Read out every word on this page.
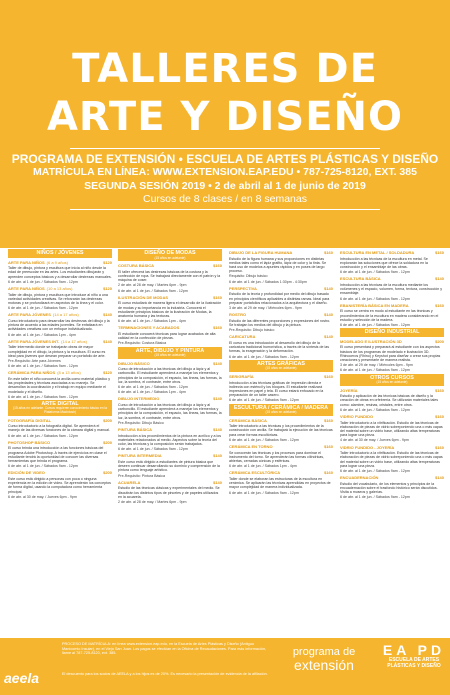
TALLERES DE
ARTE Y DISEÑO
PROGRAMA DE EXTENSIÓN • ESCUELA DE ARTES PLÁSTICAS Y DISEÑO
MATRÍCULA EN LÍNEA: WWW.EXTENSION.EAP.EDU • 787-725-8120, EXT. 385
SEGUNDA SESIÓN 2019 • 2 de abril al 1 de junio de 2019
Cursos de 8 clases / en 8 semanas
NIÑOS / JÓVENES
ARTE PARA NIÑOS (6 a 9 años)	$120
Taller de dibujo, pintura y escultura que inicia al niño desde la edad de preescolar en las artes. Los estudiantes dibujarán y aprenden conceptos básicos y a desarrollar destrezas manuales.
6 de abr. al 1 de jun. / Sábados 9am - 12pm
ARTE PARA NIÑOS (10 a 13 años)	$120
Taller de dibujo, pintura y escultura que introduce al niño a una variedad actividades creativas. Se reforzarán las destrezas motoras y se profundizará en aspectos de la línea y el color.
6 de abr. al 1 de jun. / Sábados 9am - 12pm
ARTE PARA JÓVENES (14 a 17 años)	$140
Curso introductorio para desarrollar las destrezas del dibujo y la pintura de acuerdo a las edades juveniles. Se enfatizará en actividades creativas con un enfoque individualizado.
6 de abr. al 1 de jun. / Sábados 1pm - 4pm
ARTE PARA JÓVENES INT. (14 a 17 años)	$140
Taller intermedio donde se trabajarán obras de mayor complejidad en el dibujo, la pintura y la escultura. El curso es ideal para jóvenes que desean preparar un portafolio de arte.
Pre-Requisito: Arte para Jóvenes
6 de abr. al 1 de jun. / Sábados 9am - 12pm
CERÁMICA PARA NIÑOS (8 a 13 años)	$120
En este taller el niño conocerá la arcilla como material plástico y las propiedades y técnicas asociadas a su manejo. Se desarrollan la coordinación y el trabajo en equipo mediante el modelado y el diseño.
6 de abr. al 1 de jun. / Sábados 9am - 12pm
ARTE DIGITAL
(15 años en adelante. Cursos requieren conocimiento básico en la Plataforma Macintosh)
FOTOGRAFÍA DIGITAL	$200
Curso introductorio a la fotografía digital. Se aprenderá el manejo de las diversas funciones de la cámara digital y manual.
6 de abr. al 1 de jun. / Sábados 9am - 12pm
PHOTOSHOP BÁSICO	$200
El curso brinda una introducción a las funciones básicas del programa Adobe Photoshop. A través de ejercicios en clase el estudiante tendrá la oportunidad de conocer las diversas herramientas que brinda el programa.
6 de abr. al 1 de jun. / Sábados 9am - 12pm
EDICIÓN DE VIDEO	$200
Este curso está dirigido a personas con poca o ninguna experiencia en la edición de video. Se aprenderán los conceptos de forma digital, usando la computadora como herramienta principal.
6 de abr. al 30 de may. / Jueves 6pm - 9pm
DISEÑO DE MODAS
(15 años en adelante)
COSTURA BÁSICA	$160
El taller ofrecerá las destrezas básicas de la costura y la confección de ropa. Se trabajará directamente con el patrón y la máquina de coser.
2 de abr. al 28 de may. / Martes 6pm - 9pm
6 de abr. al 1 de jun. / Sábados 9am - 12pm
ILUSTRACIÓN DE MODAS	$160
El curso estudiará de manera ligera el desarrollo de la ilustración de modas y su importancia en la industria. Conocerá el estudiante principios básicos de la ilustración de Modas, la anatomía humana y las texturas.
6 de abr. al 1 de jun. / Sábados 1pm - 4pm
TERMINACIONES Y ACABADOS	$160
El estudiante conocerá técnicas para lograr acabados de alta calidad en la confección de piezas.
Pre-Requisito: Costura Básica
ARTE, DIBUJO Y PINTURA
(15 años en adelante)
DIBUJO BÁSICO	$140
Curso de introducción a las técnicas del dibujo a lápiz y al carboncillo. El estudiante aprenderá a manejar los elementos y principios de la composición, el espacio, las líneas, las formas, la luz, la sombra, el contraste, entre otros.
6 de abr. al 1 de jun. / Sábados 9am - 12pm
6 de abr. al 1 de jun. / Sábados 1pm - 4pm
DIBUJO INTERMEDIO	$140
Curso de introducción a las técnicas del dibujo a lápiz y al carboncillo. El estudiante aprenderá a manejar los elementos y principios de la composición, el espacio, las líneas, las formas, la luz, la sombra, el contraste, entre otros.
Pre-Requisito: Dibujo Básico
PINTURA BÁSICA	$140
Introducción a los procedimientos de la pintura en acrílico y a los materiales relacionados al medio. Aspectos sobre la teoría del color, las técnicas y la composición serán trabajados.
6 de abr. al 1 de jun. / Sábados 9am - 12pm
PINTURA INTERMEDIA	$140
Este curso está dirigido a estudiantes de pintura básica que deseen continuar desarrollando su dominio y comprensión de la pintura como lenguaje artístico.
Pre-Requisito: Pintura Básica
ACUARELA	$140
Estudio de las técnicas clásicas y experimentales del medio. Se discutirán los distintos tipos de pinceles y de papeles utilizados en la acuarela.
2 de abr. al 28 de may. / Martes 6pm - 9pm
DIBUJO DE LA FIGURA HUMANA	$160
Estudio de la figura humana y sus proporciones en distintas medios tales como el lápiz grafito, lápiz de color y la tinta. Se hará uso de modelos a apuntes rápidos y en poses de largo proceso.
Requisito: Dibujo básico
6 de abr. al 1 de jun. / Sábados 1:30pm - 4:30pm
PERSPECTIVA	$140
Estudio de la teoría y profundidad por medio del dibujo basado en principios científicos aplicables a distintas ramas. Ideal para preparar portafolios relacionados a la arquitectura y el diseño.
3 de abr. al 29 de may. / Miércoles 6pm - 9pm
ROSTRO	$140
Estudio de las diferentes proporciones y expresiones del rostro. Se trabajan los medios del dibujo y la pintura.
Pre-Requisito: Dibujo básico
CARICATURA	$140
El curso es una introducción al desarrollo del dibujo de la caricatura tradicional humorística, a través de la síntesis de las formas, la exageración y la deformación.
6 de abr. al 1 de jun. / Sábados 9am - 12pm
ARTES GRÁFICAS
(15 años en adelante)
SERIGRAFÍA	$160
Introducción a las técnicas gráficas de impresión directa e indirecta con esténcil y los bloques. El estudiante realizará impresiones en papel y tela. El curso estará enfocado en la preparación de un taller casero.
6 de abr. al 1 de jun. / Sábados 9am - 12pm
ESCULTURA / CERÁMICA / MADERA
(15 años en adelante)
CERÁMICA BÁSICA	$160
Taller introductorio a las técnicas y los procedimientos de la construcción con arcilla. Se trabajará la ejecución de las técnicas para crear formas escultóricas.
6 de abr. al 1 de jun. / Sábados 9am - 12pm
CERÁMICA EN TORNO	$160
Se conocerán las técnicas y los procesos para dominar el instrumento del torno. Se aprenderán las formas cilíndricas, abiertas, cerradas cónicas y esféricas.
6 de abr. al 1 de jun. / Sábados 1pm - 4pm
CERÁMICA ESCULTÓRICA	$160
Taller donde se elaboran las estructuras de la escultura en cerámica. Se aplicarán las técnicas aprendidas en proyectos de mayor complejidad de manera individualizada.
6 de abr. al 1 de jun. / Sábados 9am - 12pm
ESCULTURA EN METAL / SOLDADURA	$160
Introducción a las técnicas de la escultura en metal. Se explorarán las soluciones que ofrece la soldadura en la construcción y el ensamblaje de las obras.
6 de abr. al 1 de jun. / Sábados 9am - 12pm
ESCULTURA BÁSICA	$140
Introducción a las técnicas de la escultura mediante los volúmenes y el espacio, volumen, forma, textura, construcción y ensamblaje.
6 de abr. al 1 de jun. / Sábados 9am - 12pm
EBANISTERÍA BÁSICA EN MADERA	$160
El curso se centra en modo al estudiante en las técnicas y procedimientos de la escultura en madera considerando en el estudio y selección de la madera.
6 de abr. al 1 de jun. / Sábados 9am - 12pm
DISEÑO INDUSTRIAL
MODELADO E ILUSTRACIÓN 3D	$200
El curso presentará y preparará al estudiante con los aspectos básicos de los programas de modelado e ilustración 3D. Rhinoceros (Rhino) y Keyshot para diseñar o crear sus propias creaciones y presentarle de manera realista.
3 de abr. al 29 de may. / Miércoles 6pm - 9pm
6 de abr. al 1 de jun. / Sábados 9am - 12pm
OTROS CURSOS
(15 años en adelante)
JOYERÍA	$160
Estudio y aplicación de las técnicas básicas de diseño y la creación de obras en orfebrería. Se utilizarán materiales tales como: alambre, resinas, cristales, entre otros.
6 de abr. al 1 de jun. / Sábados 9am - 12pm
VIDRIO FUNDIDO	$160
Taller introductorio a la vitrificación. Estudio de las técnicas de elaboración de piezas de vidrio sobreponiendo una o más capas del material sobre un vidrio base, utilizando altas temperaturas para lograr una pieza.
4 de abr. al 30 de may. / Jueves 6pm - 9pm
VIDRIO FUNDIDO - JOYERÍA	$160
Taller introductorio a la vitrificación. Estudio de las técnicas de elaboración de piezas de vidrio sobreponiendo una o más capas del material sobre un vidrio base, utilizando altas temperaturas para lograr una pieza.
6 de abr. al 1 de jun. / Sábados 9am - 12pm
ENCUADERNACIÓN	$140
Estudio del vocabulario, de los elementos y principios de la encuadernación sobre el trasfondo histórico serán discutidos. Visita a museos y galerías.
6 de abr. al 1 de jun. / Sábados 9am - 12pm
aeela
PROCESO DE MATRÍCULA: en línea www.extension.eap.edu, en la Escuela de Artes Plásticas y Diseño (Antiguo Manicomio Insular), en el Viejo San Juan. Los pagos se efectúan en la Oficina de Recaudaciones. Para más información, llame al 787-725-8120, ext. 385.
El descuento para los socios de AEELA y a los hijos es de 20%. Es necesario la presentación de evidencia de la afiliación.
programa de
extensión
EA PD
ESCUELA DE ARTES PLÁSTICAS Y DISEÑO
